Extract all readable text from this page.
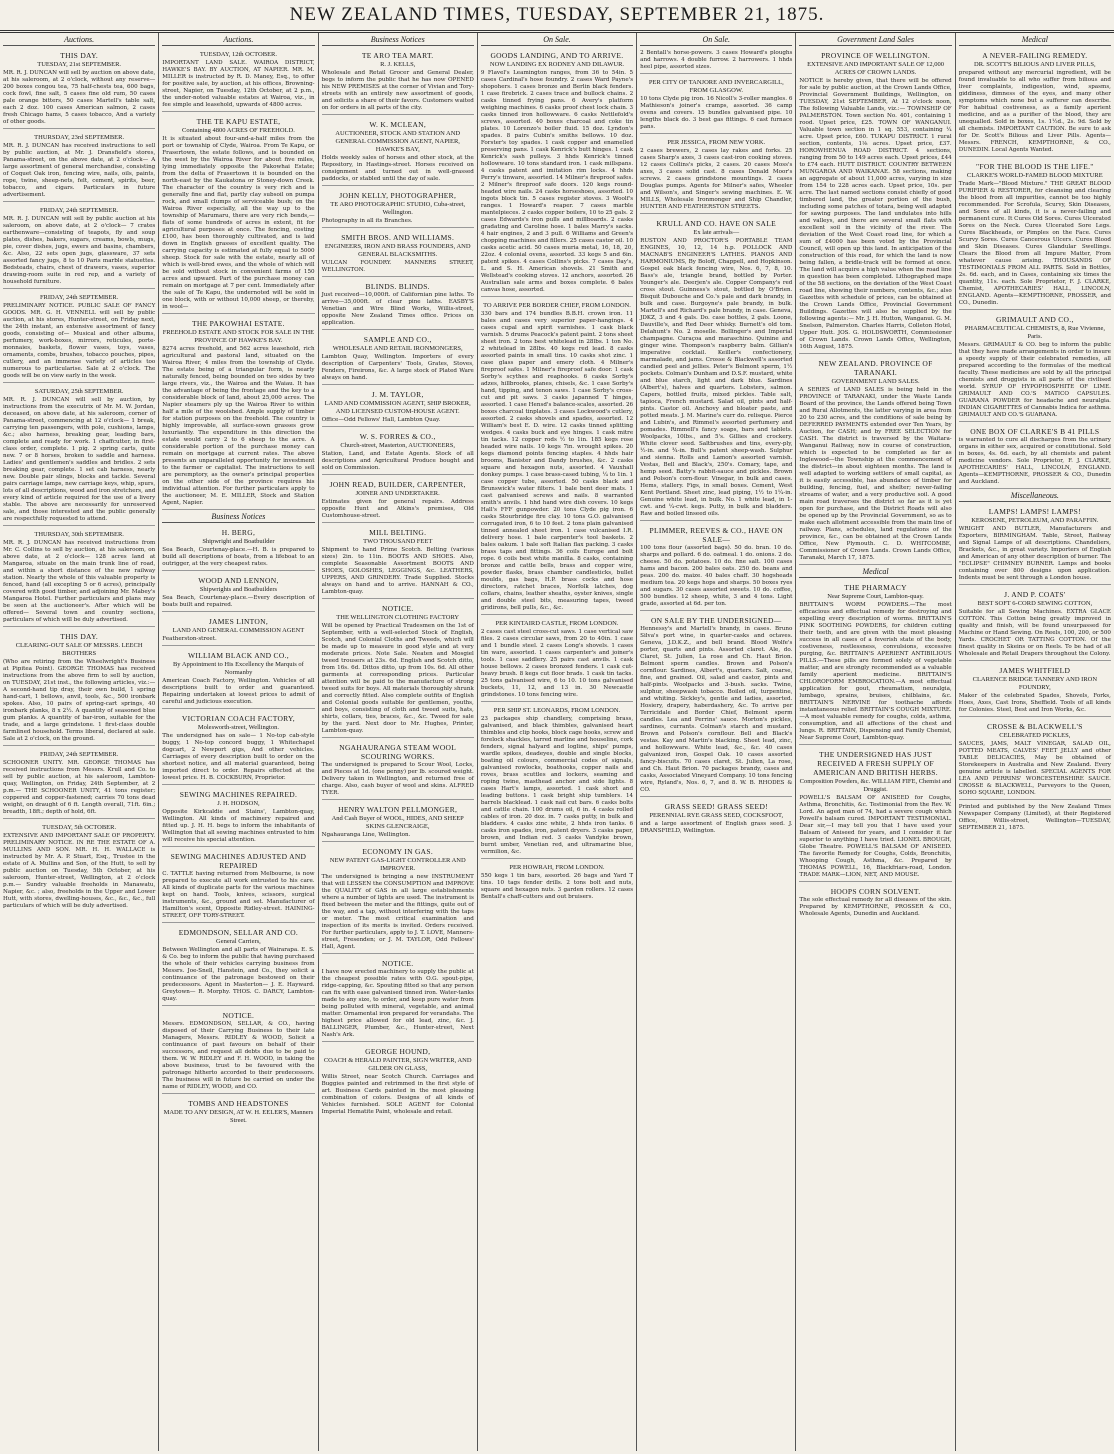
NEW ZEALAND TIMES, TUESDAY, SEPTEMBER 21, 1875.
Auctions.
THIS DAY.
TUESDAY, 21st SEPTEMBER.
MR. R. J. DUNCAN will sell by auction on above date, at his saleroom, at 2 o'clock, without any reserve— 200 boxes congou tea, 75 half-chests tea, 600 bags, cock fowl, fine salt, 5 cases fine old rum, 50 cases pale orange bitters, 50 cases Martell's table salt, each 2 doz. 100 cases American salmon, 2 cases fresh Chicago hams, 5 cases tobacco, And a variety of other goods.
THURSDAY, 23rd SEPTEMBER.
MR. R. J. DUNCAN has received instructions to sell by public auction, at Mr. J. Dransfield's stores, Panama-street, on the above date, at 2 o'clock— A large assortment of general merchandise, consisting of Coquet Oak iron, fencing wire, nails, oils, paints, rope, twine, sheep-nets, felt, cement, spirits, beer, tobacco, and cigars. Particulars in future advertisement.
FRIDAY, 24th SEPTEMBER.
MR. R. J. DUNCAN will sell by public auction at his saleroom, on above date, at 2 o'clock— 7 crates earthenware—consisting of teapots, fly and soup plates, dishes, bakers, sugars, creams, bowls, mugs, pie, cover dishes, jugs, ewers and basins, chambers, &c. Also, 22 sets open jugs, glassware, 37 sets assorted fancy jugs, 8 to 10 Paris marble statuettes. Bedsteads, chairs, chest of drawers, vases, superior drawing-room suite in red rep, and a variety of household furniture.
FRIDAY, 24th SEPTEMBER.
PRELIMINARY NOTICE. PUBLIC SALE OF FANCY GOODS. MR. G. H. VENNELL will sell by public auction, at his stores, Hunter-street, on Friday next, the 24th instant, an extensive assortment of fancy goods, consisting of— Musical and other albums, perfumery, work-boxes, mirrors, reticules, porte-monnaies, baskets, flower vases, toys, vases, ornaments, combs, brushes, tobacco pouches, pipes, cutlery, and an immense variety of articles too numerous to particularise. Sale at 2 o'clock. The goods will be on view early in the week.
SATURDAY, 25th SEPTEMBER.
MR. R. J. DUNCAN will sell by auction, by instructions from the executrix of Mr. M. W. Jordan, deceased, on above date, at his saleroom, corner of Panama-street, commencing at 12 o'clock— 1 break, carrying ten passengers, with pole, cushions, lamps, &c.; also harness, breaking gear, leading bars, complete and ready for work. 1 chaffcutter, in first-class order, complete. 1 pig. 2 spring carts, quite new. 7 or 8 horses, broken to saddle and harness. Ladies' and gentlemen's saddles and bridles. 2 sets breaking gear, complete. 1 set cab harness, nearly new. Double pair slings, blocks and tackle. Several pairs carriage lamps, new carriage keys, whip, spurs, lots of all descriptions, wood and iron stretchers, and every kind of article required for the use of a livery stable. The above are necessarily for unreserved sale, and those interested and the public generally are respectfully requested to attend.
THURSDAY, 30th SEPTEMBER.
MR. R. J. DUNCAN has received instructions from Mr. C. Collins to sell by auction, at his saleroom, on above date, at 2 o'clock— 128 acres land at Mangaroa, situate on the main trunk line of road, and within a short distance of the new railway station. Nearly the whole of this valuable property is fenced, hand (all excepting 5 or 6 acres), principally covered with good timber, and adjoining Mr. Mabey's Mangaroa Hotel. Further particulars and plans may be seen at the auctioneer's. After which will be offered— Several town and country sections, particulars of which will be duly advertised.
THIS DAY.
CLEARING-OUT SALE OF MESSRS. LEECH BROTHERS
(Who are retiring from the Wheelwright's Business at Pipitea Point). GEORGE THOMAS has received instructions from the above firm to sell by auction, on TUESDAY, 21st inst., the following articles, viz.:— A second-hand tip dray, their own build, 1 spring hand-cart, 1 bellows, anvil, tools, &c., 500 ironbark spokes. Also, 10 pairs of spring-cart springs, 40 ironbark planks, 8 x 2½. A quantity of seasoned blue gum planks. A quantity of bar-iron, suitable for the trade, and a large grindstone. 1 first-class double farmlined household. Terms liberal, declared at sale. Sale at 2 o'clock, on the ground.
FRIDAY, 24th SEPTEMBER.
SCHOONER UNITY. MR. GEORGE THOMAS has received instructions from Messrs. Krull and Co. to sell by public auction, at his saleroom, Lambton-quay, Wellington, on Friday, 24th September, at 2 p.m.— THE SCHOONER UNITY, 41 tons register; coppered and copper-fastened; carries 70 tons dead weight, on draught of 6 ft. Length overall, 71ft. 6in.; breadth, 18ft.; depth of hold, 6ft.
TUESDAY, 5th OCTOBER.
EXTENSIVE AND IMPORTANT SALE OF PROPERTY. PRELIMINARY NOTICE. IN RE THE ESTATE OF A. MULLINS AND SON. MR. H. H. WALLACE is instructed by Mr. A. P. Stuart, Esq., Trustee in the estate of A. Mullins and Son, of the Hutt, to sell by public auction on Tuesday, 5th October, at his saleroom, Hunter-street, Wellington, at 2 o'clock p.m.— Sundry valuable freeholds in Manawatu, Napier, &c. ; also, freeholds in the Upper and Lower Hutt, with stores, dwelling-houses, &c., &c., &c., full particulars of which will be duly advertised.
Auctions.
TUESDAY, 12th OCTOBER.
IMPORTANT LAND SALE. WAIROA DISTRICT, HAWKE'S BAY. BY AUCTION, AT NAPIER. MR. M. MILLER is instructed by R. D. Maney, Esq., to offer for positive sale, by auction, at his offices, Browning-street, Napier, on Tuesday, 12th October, at 2 p.m., the under-noted valuable estates at Wairoa, viz., in fee simple and leasehold, upwards of 4800 acres.
THE TE KAPU ESTATE,
Containing 4800 ACRES OF FREEHOLD.
It is situated about four-and-a-half miles from the port or township of Clyde, Wairoa. From Te Kapu, or Frasertown, the estate follows, and is bounded on the west by the Wairoa River for about five miles, lying immediately opposite the Pakowhai Estate; from the delta of Frasertown it is bounded on the north-east by the Kaukatona or Stoney-down Creek. The character of the country is very rich and is generally fine and flat, partly clay subsoil on pumpa rock, and small clumps of serviceable bush; on the Wairoa River especially, all the way up to the township of Marumaru, there are very rich bends,—flats of some hundreds of acres in extent, fit for agricultural purposes at once. The fencing, costing £100, has been thoroughly cultivated, and is laid down in English grasses of excellent quality. The carrying capacity is estimated at fully equal to 5000 sheep. Stock for sale with the estate, nearly all of which is well-bred ewes, and the whole of which will be sold without stock in convenient farms of 150 acres and upward. Part of the purchase money can remain on mortgage at 7 per cent. Immediately after the sale of Te Kapu, the undernoted will be sold in one block, with or without 10,000 sheep, or thereby, in wool—
THE PAKOWHAI ESTATE.
FREEHOLD ESTATE AND STOCK FOR SALE IN THE PROVINCE OF HAWKE'S BAY.
8274 acres freehold, and 562 acres leasehold, rich agricultural and pastoral land, situated on the Wairoa River, 4 miles from the township of Clyde. The estate being of a triangular form, is nearly naturally fenced, being bounded on two sides by two large rivers, viz., the Wairoa and the Waiau. It has the advantage of being the frontage and the key to a considerable block of land, about 25,000 acres. The Napier steamers ply up the Wairoa River to within half a mile of the woolshed. Ample supply of timber for station purposes on the freehold. The country is highly improvable, all surface-sown grasses grow luxuriantly. The expenditure in this direction the estate would carry 2 to 6 sheep to the acre. A considerable portion of the purchase money can remain on mortgage at current rates. The above presents an unparalleled opportunity for investment to the farmer or capitalist. The instructions to sell are peremptory, as the owner's principal properties on the other side of the province requires his individual attention. For further particulars apply to the auctioneer, M. E. MILLER, Stock and Station Agent, Napier.
Business Notices
H. BERG,
Shipwright and Boatbuilder
Sea Beach, Courtenay-place.—H. B. is prepared to build all descriptions of boats, from a lifeboat to an outrigger, at the very cheapest rates.
WOOD AND LENNON,
Shipwrights and Boatbuilders
Sea Beach, Courtenay-place.—Every description of boats built and repaired.
JAMES LINTON,
LAND AND GENERAL COMMISSION AGENT
Featherston-street.
WILLIAM BLACK AND CO.,
By Appointment to His Excellency the Marquis of Normanby
American Coach Factory, Wellington. Vehicles of all descriptions built to order and guaranteed. Repairing undertaken at lowest prices to admit of careful and judicious execution.
VICTORIAN COACH FACTORY,
Molesworth-street, Wellington.
The undersigned has on sale— 1 No-top cab-style buggy, 1 No-top concord buggy, 1 Whitechapel dogcart, 2 Newport gigs, And other vehicles. Carriages of every description built to order on the shortest notice, and all material guaranteed, being imported direct to order. Repairs effected at the lowest price. H. B. COCKBURN, Proprietor.
SEWING MACHINES REPAIRED.
J. H. HODSON,
Opposite Kirkcaldie and Stains', Lambton-quay, Wellington. All kinds of machinery repaired and fitted up. J. H. H. begs to inform the inhabitants of Wellington that all sewing machines entrusted to him will receive his special attention.
SEWING MACHINES ADJUSTED AND REPAIRED
C. TATTLE having returned from Melbourne, is now prepared to execute all work entrusted to his care. All kinds of duplicate parts for the various machines kept on hand. Tools, knives, scissors, surgical instruments, &c., ground and set. Manufacturer of Hamilton's scent, Opposite Ridley-street. HAINING-STREET, OFF TORY-STREET.
EDMONDSON, SELLAR AND CO.
General Carriers,
Between Wellington and all parts of Wairarapa. E. S. & Co. beg to inform the public that having purchased the whole of their vehicles carrying business from Messrs. Joe-Snell, Hanstein, and Co., they solicit a continuance of the patronage bestowed on their predecessors. Agent in Masterton— J. E. Hayward. Greytown— R. Morphy. THOS. C. DARCY, Lambton-quay.
NOTICE.
Messrs. EDMONDSON, SELLAR, & CO., having disposed of their Carrying Business to their late Managers, Messrs. RIDLEY & WOOD, Solicit a continuance of past favours on behalf of their successors, and request all debts due to be paid to them. W. W. RIDLEY and F. H. WOOD, in taking the above business, trust to be favoured with the patronage hitherto accorded to their predecessors. The business will in future be carried on under the name of RIDLEY, WOOD, and CO.
TOMBS AND HEADSTONES
MADE TO ANY DESIGN, AT W. H. EELER'S, Manners Street.
Business Notices
TE ARO TEA MART.
R. J. KELLS,
Wholesale and Retail Grocer and General Dealer, begs to inform the public that he has now OPENED his NEW PREMISES at the corner of Vivian and Tory-streets with an entirely new assortment of goods, and solicits a share of their favors. Customers waited on for orders in all parts of the city.
W. K. MCLEAN,
AUCTIONEER, STOCK AND STATION AND GENERAL COMMISSION AGENT, NAPIER, HAWKE'S BAY,
Holds weekly sales of horses and other stock, at the Repository, in Hastings-street. Horses received on consignment and turned out in well-grassed paddocks, or stabled until the day of sale.
JOHN KELLY, PHOTOGRAPHER,
TE ARO PHOTOGRAPHIC STUDIO, Cuba-street, Wellington.
Photography in all its Branches.
SMITH BROS. AND WILLIAMS.
ENGINEERS, IRON AND BRASS FOUNDERS, AND GENERAL BLACKSMITHS.
VULCAN FOUNDRY. MANNERS STREET, WELLINGTON.
BLINDS. BLINDS.
Just received—10,000ft. of Californian pine laths. To arrive—35,000ft. of clear pine laths. EASBY'S Venetian and Wire Blind Works, Willis-street, opposite New Zealand Times office. Prices on application.
SAMPLE AND CO.,
WHOLESALE AND RETAIL IRONMONGERS,
Lambton Quay, Wellington. Importers of every description of Carpenters' Tools, Grates, Stoves, Fenders, Fireirons, &c. A large stock of Plated Ware always on hand.
J. M. TAYLOR,
LAND AND COMMISSION AGENT, SHIP BROKER, AND LICENSED CUSTOM-HOUSE AGENT.
Office—Odd Fellows' Hall, Lambton Quay.
W. S. FORRES & CO.,
Church-street, Masterton, AUCTIONEERS,
Station, Land, and Estate Agents. Stock of all descriptions and Agricultural Produce bought and sold on Commission.
JOHN READ, BUILDER, CARPENTER,
JOINER AND UNDERTAKER.
Estimates given for general repairs. Address opposite Hunt and Atkins's premises, Old Customhouse-street.
MILL BELTING.
TWO THOUSAND FEET
Shipment to hand Prime Scotch. Belting (various sizes) 2in. to 11in. BOOTS AND SHOES. Also, complete Seasonable Assortment BOOTS AND SHOES, GOLOSHES, LEGGINGS, &c. LEATHERS, UPPERS, AND GRINDERY. Trade Supplied. Stocks always on hand and to arrive. HANNAH & CO., Lambton-quay.
NOTICE.
THE WELLINGTON CLOTHING FACTORY
Will be opened by Practical Tradesmen on the 1st of September, with a well-selected Stock of English, Scotch, and Colonial Cloths and Tweeds, which will be made up to measure in good style and at very moderate prices. Note Sale. Neaten and Mosgiel tweed trousers at 23s. 6d. English and Scotch ditto, from 16s. 6d. Dittos ditto, up from 10s. 6d. All other garments at corresponding prices. Particular attention will be paid to the manufacture of strong tweed suits for boys. All materials thoroughly shrunk and correctly fitted. Also complete outfits of English and Colonial goods suitable for gentlemen, youths, and boys, consisting of cloth and tweed suits, hats, shirts, collars, ties, braces, &c., &c. Tweed for sale by the yard. Next door to Mr. Hughes, Printer, Lambton-quay.
NGAHAURANGA STEAM WOOL SCOURING WORKS.
The undersigned is prepared to Scour Wool, Locks, and Pieces at 1d. (one penny) per lb. scoured weight. Delivery taken in Wellington, and returned free of charge. Also, cash buyer of wool and skins. ALFRED TYER.
HENRY WALTON PELLMONGER,
And Cash Buyer of WOOL, HIDES, AND SHEEP SKINS GLENCRAIGE,
Ngahauranga Line, Wellington.
ECONOMY IN GAS.
NEW PATENT GAS-LIGHT CONTROLLER AND IMPROVER.
The undersigned is bringing a new INSTRUMENT that will LESSEN the CONSUMPTION and IMPROVE the QUALITY of GAS in all large establishments where a number of lights are used. The instrument is fixed between the meter and the fittings, quite out of the way, and a tap, without interfering with the taps or meter. The most critical examination and inspection of its merits is invited. Orders received. For further particulars, apply to J. T. LOVE, Manners-street, Fresenden; or J. M. TAYLOR, Odd Fellows' Hall, Agent.
NOTICE.
I have now erected machinery to supply the public at the cheapest possible rates with O.G. spout-pipe, ridge-capping, &c. Spouting fitted so that any person can fix with ease galvanised tinned iron. Water-tanks made to any size, to order, and keep pure water from being polluted with mineral, vegetable, and animal matter. Ornamental iron prepared for verandahs. The highest price allowed for old lead, zinc, &c. J. BALLINGER, Plumber, &c., Hunter-street, Next Nash's Ark.
GEORGE HOUND,
COACH & HERALD PAINTER, SIGN WRITER, AND GILDER ON GLASS,
Willis Street, near Scotch Church. Carriages and Buggies painted and retrimmed in the first style of art. Business Cards painted in the most pleasing combination of colors. Designs of all kinds of Vehicles furnished. SOLE AGENT for Colonial Imperial Hematite Paint, wholesale and retail.
On Sale.
GOODS LANDING, AND TO ARRIVE.
NOW LANDING EX RODNEY AND DILAWUR.
9 Flavel's Leamington ranges, from 36 to 54in. 5 cases Cardinal's hose foundry. 2 cases Ward Payne's shopohers. 1 cases bronze and Berlin black fenders. 1 case firebrick. 2 cases trace and bullock chains. 2 casks tinned frying pans. 6 Avery's platform weighing machines. 6 casks proof chest lock chain. 3 casks tinned iron hollowware. 6 casks Nettlefold's screws, assorted. 40 boxes charcoal and coke tin plates. 10 Lorenzo's boiler fluid. 15 doz. Lyndon's spades. 8 pairs Cubin's smiths bellows. 10 doz. Forster's toy spades. 1 cask copper and enamelled preserving pans. 1 cask Kenrick's butt hinges. 1 cask Kenrick's sash pulleys. 3 hhds Kenrick's tinned hollowware. 10 tons standard iron. 1 cask millspans. 4 casks patent and imitation rim locks. 4 hhds Perry's tinware, assorted. 14 Milner's fireproof safes. 2 Milner's fireproof safe doors. 120 kegs round-headed wire nails. 24 casks horseshoes, assorted. 10 ingots block tin. 5 cases register stoves. 3 Woolf's ranges. 1 Howard's reaper. 7 cases marble mantelpieces. 2 casks copper boilers, 10 to 25 gals. 2 cases Edwards's iron pulls and millboards. 2 casks gradating and Caroline hose. 1 bales Marry's sacks. 4 hair engines, 2 and 3 pull. 6 Williams and Green's chopping machines and fillers. 25 cases castor oil. 10 casks acetic acid. 50 cases muria metal, 16, 18, 20, 22oz. 4 colonial ovens, assorted. 33 kegs 5 and 6in. patent spikes. 4 cases Collins's picks. 7 cases Day's, L. and S. H. American shovels. 21 Smith and Wellstead's cooking stoves. 12 anchors, assorted. 26 Australian sale arms and boxes complete. 6 bales canvas hose, assorted.
TO ARRIVE PER BORDER CHIEF, FROM LONDON.
330 bars and 174 bundles B.B.H. crown iron. 11 bales and cases very superior paper-hangings. 4 cases cupal and spirit varnishes. 1 cask black varnish. 5 drums Peacock's patent paint. 2 tons sheet sheet iron. 2 tons best whitelead in 28lbs. 1 ton No. 2 whitelead in 28lbs. 40 kegs red lead. 8 casks assorted paints in small tins. 10 casks shot zinc. 1 case glass paper and emery cloth. 4 Milner's fireproof safes. 1 Milner's fireproof safe door. 1 cask Sorby's scythes and reaphooks. 6 casks Sorby's adzes, hillbrooks, planes, chisels, &c. 1 case Sorby's hand, tipping, and tenon saws. 1 case Sorby's cross-cut and pit saws. 3 casks japanned T hinges, assorted. 1 case Hensd's balance-scales, assorted. 26 boxes charcoal tinplates. 3 cases Lockwood's cutlery, assorted. 2 casks shovels and spades, assorted. 12 William's best E. D. wire. 12 casks tinned splitting wedges. 4 casks buck and eye hinges. 1 cask mitre tin tacks. 12 copper rods ½ to 1in. 185 kegs rose headed wire nails. 10 kegs 7in. wrought spikes. 20 kegs diamond points fencing staples. 4 hhds hair brooms, Banister and Dandy brushes, &c. 2 casks square and hexagon nuts, assorted. 4 Vauxhall donkey pumps. 1 case brass-cased tubing, ¼ to 1in. 1 case copper tube, assorted. 50 casks black and Brunswick's water filters. 1 bale bent deer mats. 1 cast galvanised screws and nails. 8 warranted smith's anvils. 1 hhd hand wire dish covers. 10 kegs Hall's FFF gunpowder. 20 tons Clyde pig iron. 6 casks Stourbridge fire clay. 10 tons G.O. galvanised corrugated iron, 6 to 10 feet. 2 tons plain galvanised tinned annealed sheet iron. 1 case vulcanised I.R. delivery hose. 1 bale carpenter's tool baskets. 2 bales oakum. 1 bale soft Italian flax packing. 3 casks brass taps and fittings. 36 coils Europe and bolt rope. 6 coils best white manilla. 8 casks, containing bronze and cattle bells, brass and copper wire, powder flasks, brass chamber candlesticks, bullet moulds, gas bags, H.P. brass cocks and hose directors, ratchet braces, Norfolk latches, dog collars, chains, leather sheaths, oyster knives, single and double steel bits, measuring tapes, tweed gridirons, bell pulls, &c., &c.
PER KINTAIRD CASTLE, FROM LONDON.
2 cases cast steel cross-cut saws. 1 case vertical saw files. 2 cases circular saws, from 20 to 40in. 1 case and 1 bundle steel. 2 cases Long's shovels. 1 cases tin ware, assorted. 1 cases carpenter's and joiner's tools. 1 case saddlery. 25 pairs cast anvils. 1 cask house bellows. 2 cases bronzed fenders. 1 cask cut-heavy brush. 8 kegs cut floor brads. 1 cask tin tacks. 25 tons galvanised wire, 6 to 10. 10 tons galvanised buckets, 11, 12, and 13 in. 30 Newcastle grindstones. 10 tons fencing wire.
PER SHIP ST. LEONARDS, FROM LONDON.
23 packages ship chandlery, comprising brass, galvanised, and black thimbles, galvanised heart thimbles and clip hooks, block cage hooks, screw and forelock shackles, tarred marline and houseline, cork fenders, signal halyard and logline, ships' pumps, wardle spikes, deadeyes, double and single blocks, boating oil colours, commercial codes of signals, galvanised rowlocks, boathooks, copper nails and roves, brass scuttles and lockers, seaming and roping twine, masthead anchor and side lights. 8 cases Hart's lamps, assorted. 1 cask short and leading buttons. 1 cask bright ship tumblers. 14 barrels blacklead. 1 cask nail cut bars. 6 casks bolts and cattle chain. 100 drums oil, 6 in. 4 casks rolled cables of iron. 20 doz. in. 7 casks putty, in bulk and bladders. 4 casks zinc white, 2 hhds iron tanks. 6 casks iron spades, iron, patent dryers. 3 casks paper, brown, and Indian red. 3 casks Vandyke brown, burnt umber, Venetian red, and ultramarine blue, vermilion, &c.
PER HOWRAH, FROM LONDON.
550 kegs 1 tin bars, assorted. 26 bags and Yard T tins. 10 tags fender drills. 2 tons bolt and nuts, square and hexagon nuts. 3 garden rollers. 12 cases Bentall's chaff-cutters and out bruisers.
On Sale.
2 Bentall's horse-powers. 3 cases Howard's ploughs and harrows. 4 double furrow. 2 harrowers. 1 hhds heel pipe, assorted sizes.
PER CITY OF TANJORE AND INVERCARGILL, FROM GLASGOW.
10 tons Clyde pig iron. 16 Nicoll's 3-roller mangles. 6 Mathieson's joiner's cramps, assorted. 36 camp ovens and covers. 15 bundles galvanised pipe. 10 lengths black do. 3 best gas fittings. 6 cast furnace pans.
PER JESSICA, FROM NEW YORK.
2 cases brewers, 2 cases lay rakes and forks. 25 cases Sharp's axes, 3 cases cast-iron cooking stoves. 12 cases Collins's picks, 2 cases. 20 cases Moss's axes, 3 cases solid cast. 8 cases Donald Moor's screws. 2 cases grindstone mountings. 2 cases Douglas pumps. Agents for Milner's safes, Wheeler and Wilson's, and Singer's sewing machines. E. W. MILLS, Wholesale Ironmonger and Ship Chandler, HUNTER AND FEATHERSTON STREETS.
KRULL AND CO. HAVE ON SALE
Ex late arrivals—
RUSTON AND PROCTOR'S PORTABLE TEAM ENGINES, 10, 12, 14 h.p. POLLOCK AND MACNAB'S ENGINEER'S LATHES. PIANOS AND HARMONIUMS, By Boloff, Chappell, and Hopkinson. Gospel oak black fencing wire, Nos. 6, 7, 8, 10. Bass's ale, triangle brand, bottled by Porter. Younger's ale. Deerjen's ale. Copper Company's red cross stout. Guinness's stout, bottled by O'Brien. Bisquit Dubouche and Co.'s pale and dark brandy, in bulk and case. Burgoyne's pale brandy, in bulk. Martell's and Richard's pale brandy, in case. Geneva, JDKZ, 3 and 4 gals. Do. case bottles, 2 gals. Loone, Dauville's, and Red Deer whisky. Burnett's old tom. Delahunt's No. 2 moselle. Bollinger's and Imperial champagne. Curaçoa and maraschino. Quinine and ginger wine. Thompson's raspberry balm. Gillian's imperative cocktail. Keiller's confectionery, marmalade, and jams. Crosse & Blackwell's assorted candied peel and jellies. Peter's Belmont sperm, 1½ pockets. Colman's Dunham and D.S.F. mustard, white and blue starch, light and dark blue. Sardines (Albert's), halves and quarters. Lobsters, salmon. Capers, bottled fruits, mixed pickles. Table salt, tapioca, French mustard. Salad oil, pints and half-pints. Castor oil. Anchovy and bloater paste, and potted meats. J. M. Marine's curr do. relisque. Pierce and Lubin's, and Rimmel's assorted perfumery and pomades. Rimmell's fancy soaps, bars and tablets. Woolpacks, 10lbs., and 5's. Gillies and crockery. White clover seed. Saltbrushes and tins, every-ply, ½-in. and ¾-in. Bull's patent sheep-wash. Sulphur and sienna. Rolls and Lamon's assorted varnish. Vestas, Bell and Black's, 250's. Comary, tape, and hemp seed. Batty's rabbit-sauce and pickles. Brown and Polson's corn-flour. Vinegar, in bulk and cases. Hems, stallery. Figs, in small boxes. Cement, West Kent Portland. Sheet zinc, lead piping, 1½ to 1¼-in. Genuine white lead, in bulk. No. 1 white lead, in 1-cwt. and ¼-cwt. kegs. Putty, in bulk and bladders. Raw and boiled linseed oils.
PLIMMER, REEVES & CO., HAVE ON SALE—
100 tons flour (assorted bags). 50 do. bran. 10 do. sharps and pollard. 6 do. oatmeal. 1 do. onions. 2 do. cheese. 50 do. potatoes. 10 do. fine salt. 100 cases hams and bacon. 200 bales oats. 250 do. beans and peas. 200 do. maize. 40 bales chaff. 30 hogsheads medium tea. 20 kegs hops and sharps. 50 boxes ryes and sugars. 30 cases assorted sweets. 10 do. coffee, 500 bundles. 12 sheep, white, 3 and 4 tons. Light grade, assorted at 6d. per ton.
ON SALE BY THE UNDERSIGNED—
Hennessy's and Martell's brandy, in cases. Bruno Silva's port wine, in quarter-casks and octaves. Geneva, J.D.K.Z., and bell brand. Blood Wolfe's porter, quarts and pints. Assorted claret. Ale, do. Claret, St. Julien, La rose and Ch. Haut Brion. Belmont sperm candles. Brown and Polson's cornflour. Sardines, Albert's, quarters. Salt, coarse, fine, and grained. Oil, salad and castor, pints and half-pints. Woolpacks and 3-bush. sacks. Twine, sulphur, sheepwash tobacco. Boiled oil, turpentine, and whiting. Sickley's, gentle and ladies, assorted. Hosiery, drapery, haberdashery, &c. To arrive per Terricidale and Border Chief, Belmont sperm candles. Lea and Perrins' sauce. Morton's pickles, sardines, currants. Colman's starch and mustard. Brown and Polson's cornflour. Bell and Black's vestas. Kay and Martin's blacking. Sheet lead, zinc, and hollowware. White lead, &c., &c. 40 cases galvanized iron, Gospel Oak. 10 cases assorted fancy-biscuits. 70 cases claret, St. Julien, La rose, and Ch. Haut Brion. 70 packages brandy, cases and casks, Associated Vineyard Company. 10 tons fencing wire, Ryland's, Nos. 6, 7, and 8. W. B. RHODES & CO.
GRASS SEED! GRASS SEED!
PERENNIAL RYE GRASS SEED, COCKSFOOT,
and a large assortment of English grass seed. J. DRANSFIELD, Wellington.
Government Land Sales
PROVINCE OF WELLINGTON.
EXTENSIVE AND IMPORTANT SALE OF 12,000 ACRES OF CROWN LANDS.
NOTICE is hereby given, that there will be offered for sale by public auction, at the Crown Lands Office, Provincial Government Buildings, Wellington, on TUESDAY, 21st SEPTEMBER, At 12 o'clock noon, The following Valuable Lands, viz.:— TOWNSHIP OF PALMERSTON. Town section No. 401, containing 1 rood. Upset price, £25. TOWN OF WANGANUI. Valuable town section in 1 sq. 553, containing ¼ acre. Upset price, £60. TUKAPU DISTRICT. 1 rural section, contents, 1⅛ acres. Upset price, £37. HOROWHENUA ROAD DISTRICT. 4 sections, ranging from 50 to 149 acres each. Upset prices, £44 to £74 each. HUTT DISTRICT. COUNTRY BETWEEN MUNGAROA AND WAIKANAE. 58 sections, making an aggregate of about 11,000 acres, varying in size from 154 to 228 acres each. Upset price, 10s. per acre. The last named sections consist chiefly of good timbered land, the greater portion of the bush, including some patches of totara, being well adapted for sawing purposes. The land undulates into hills and valleys, and there are several small flats with excellent soil in the vicinity of the river. The deviation of the West Coast road line, for which a sum of £4000 has been voted by the Provincial Council, will open up this land. In anticipation of the construction of this road, for which the land is now being fallen, a bridle-track will be formed at once. The land will acquire a high value when the road line in question has been completed. Lithographed maps of the 58 sections, on the deviation of the West Coast road line, showing their numbers, contents, &c.; also Gazettes with schedule of prices, can be obtained at the Crown Lands Office, Provincial Government Buildings. Gazettes will also be supplied by the following agents:— Mr. J. H. Hutton, Wanganui. G. M. Snelson, Palmerston. Charles Harris, Colleton Hotel, Upper Hutt. JOS. G. HOLDSWORTH, Commissioner of Crown Lands. Crown Lands Office, Wellington, 16th August, 1875.
NEW ZEALAND. PROVINCE OF TARANAKI.
GOVERNMENT LAND SALES.
A SERIES of LAND SALES is being held in the PROVINCE of TARANAKI, under the Waste Lands Board of the province, the Lands offered being Town and Rural Allotments, the latter varying in area from 20 to 230 acres, and the conditions of sale being by DEFERRED PAYMENTS extended over Ten Years, by Auction, for CASH; and by FREE SELECTION for CASH. The district is traversed by the Waitara-Wanganui Railway, now in course of construction, which is expected to be completed as far as Inglewood—the Township at the commencement of the district—in about eighteen months. The land is well adapted to working settlers of small capital, as it is easily accessible, has abundance of timber for building, fencing, fuel, and shelter; never-failing streams of water, and a very productive soil. A good main road traverses the district so far as it is yet open for purchase, and the District Roads will also be opened up by the Provincial Government, so as to make each allotment accessible from the main line of railway. Plans, schedules, land regulations of the province, &c., can be obtained at the Crown Lands Office, New Plymouth. C. D. WHITCOMBE, Commissioner of Crown Lands. Crown Lands Office, Taranaki, March 17, 1875.
Medical
THE PHARMACY
Near Supreme Court, Lambton-quay.
BRITTAIN'S WORM POWDERS.—The most efficacious and effectual remedy for destroying and expelling every description of worms. BRITTAIN'S PINK SOOTHING POWDERS, for children cutting their teeth, and are given with the most pleasing success in all cases of a feverish state of the body, costiveness, restlessness, convulsions, excessive purging, &c. BRITTAIN'S APERIENT ANTIBILIOUS PILLS.—These pills are formed solely of vegetable matter, and are strongly recommended as a valuable family aperient medicine. BRITTAIN'S CHLOROFORM EMBROCATION.—A most effectual application for gout, rheumatism, neuralgia, lumbago, sprains, bruises, chilblains, &c. BRITTAIN'S NERVINE for toothache affords instantaneous relief. BRITTAIN'S COUGH MIXTURE.—A most valuable remedy for coughs, colds, asthma, consumption, and all affections of the chest and lungs. R. BRITTAIN, Dispensing and Family Chemist, Near Supreme Court, Lambton-quay.
THE UNDERSIGNED HAS JUST RECEIVED A FRESH SUPPLY OF AMERICAN AND BRITISH HERBS.
Composition Powders, &c. WILLIAM FIFE, Chemist and Druggist.
POWELL'S BALSAM OF ANISEED for Coughs, Asthma, Bronchitis, &c. Testimonial from the Rev. W. Lord. An aged man of 74, had a severe cough which Powell's balsam cured. IMPORTANT TESTIMONIAL. Dear sir,—I may tell you that I have used your Balsam of Aniseed for years, and I consider it far superior to anything I have tried. LIONEL BROUGH, Globe Theatre. POWELL'S BALSAM OF ANISEED. The favorite Remedy for Coughs, Colds, Bronchitis, Whooping Cough, Asthma, &c. Prepared by THOMAS POWELL, 16, Blackfriars-road, London. TRADE MARK—LION, NET, AND MOUSE.
HOOPS CORN SOLVENT.
The sole effectual remedy for all diseases of the skin. Prepared by KEMPTHORNE, PROSSER & CO., Wholesale Agents, Dunedin and Auckland.
Medical
A NEVER-FAILING REMEDY.
DR. SCOTT'S BILIOUS AND LIVER PILLS,
prepared without any mercurial ingredient, will be found invaluable to all who suffer from bilious and liver complaints, indigestion, wind, spasms, giddiness, dimness of the eyes, and many other symptoms which none but a sufferer can describe. For habitual costiveness, as a family aperient medicine, and as a purifier of the blood, they are unequalled. Sold in boxes, 1s. 1½d., 2s. 9d. Sold by all chemists. IMPORTANT CAUTION. Be sure to ask for Dr. Scott's Bilious and Liver Pills. Agents—Messrs. FRENCH, KEMPTHORNE, & CO., DUNEDIN. Local Agents Wanted.
"FOR THE BLOOD IS THE LIFE."
CLARKE'S WORLD-FAMED BLOOD MIXTURE
Trade Mark—"Blood Mixture." THE GREAT BLOOD PURIFIER & RESTORER, for cleansing and clearing the blood from all impurities, cannot be too highly recommended. For Scrofula, Scurvy, Skin Diseases, and Sores of all kinds, it is a never-failing and permanent cure. It Cures Old Sores. Cures Ulcerated Sores on the Neck. Cures Ulcerated Sore Legs. Cures Blackheads, or Pimples on the Face. Cures Scurvy Sores. Cures Cancerous Ulcers. Cures Blood and Skin Diseases. Cures Glandular Swellings. Clears the Blood from all Impure Matter, From whatever cause arising. THOUSANDS OF TESTIMONIALS FROM ALL PARTS. Sold in Bottles, 2s. 6d. each, and in Cases, containing six times the quantity, 11s. each. Sole Proprietor, F. J. CLARKE, Chemist, APOTHECARIES' HALL, LINCOLN, ENGLAND. Agents—KEMPTHORNE, PROSSER, and CO., Dunedin.
GRIMAULT AND CO.,
PHARMACEUTICAL CHEMISTS, 8, Rue Vivienne, Paris.
Messrs. GRIMAULT & CO. beg to inform the public that they have made arrangements in order to insure a speedy supply of their celebrated remedies, all prepared according to the formulas of the medical faculty. These medicines are sold by all the principal chemists and druggists in all parts of the civilised world. SYRUP OF HYPOPHOSPHITE OF LIME. GRIMAULT AND CO.'S MATICO CAPSULES. GUARANA POWDER for headache and neuralgia. INDIAN CIGARETTES of Cannabis Indica for asthma. GRIMAULT AND CO.'S GUARANA.
ONE BOX OF CLARKE'S B 41 PILLS
is warranted to cure all discharges from the urinary organs in either sex, acquired or constitutional. Sold in boxes, 4s. 6d. each, by all chemists and patent medicine vendors. Sole Proprietor, F. J. CLARKE, APOTHECARIES' HALL, LINCOLN, ENGLAND. Agents—KEMPTHORNE, PROSSER & CO., Dunedin and Auckland.
Miscellaneous.
LAMPS! LAMPS! LAMPS!
KEROSENE, PETROLEUM, AND PARAFFIN.
WRIGHT AND BUTLER, Manufacturers and Exporters, BIRMINGHAM. Table, Street, Railway and Signal Lamps of all descriptions. Chandeliers, Brackets, &c., in great variety. Importers of English and American of any other description of burner. The "ECLIPSE" CHIMNEY BURNER. Lamps and books containing over 800 designs upon application. Indents must be sent through a London house.
J. AND P. COATS'
BEST SOFT 6-CORD SEWING COTTON,
Suitable for all Sewing Machines. EXTRA GLACE COTTON. This Cotton being greatly improved in quality and finish, will be found unsurpassed for Machine or Hand Sewing. On Reels, 100, 200, or 500 Yards. CROCHET OR TATTING COTTON. Of the finest quality in Skeins or on Reels. To be had of all Wholesale and Retail Drapers throughout the Colony.
JAMES WHITFIELD
CLARENCE BRIDGE TANNERY AND IRON FOUNDRY,
Maker of the celebrated Spades, Shovels, Forks, Hoes, Axes, Cast Irons, Sheffield. Tools of all kinds for Colonies. Steel, Best and Iron Works, &c.
CROSSE & BLACKWELL'S
CELEBRATED PICKLES,
SAUCES, JAMS, MALT VINEGAR, SALAD OIL, POTTED MEATS, CALVES' FEET JELLY and other TABLE DELICACIES, May be obtained of Storekeepers in Australia and New Zealand. Every genuine article is labelled. SPECIAL AGENTS FOR LEA AND PERRINS' WORCESTERSHIRE SAUCE. CROSSE & BLACKWELL, Purveyors to the Queen, SOHO SQUARE, LONDON.
Printed and published by the New Zealand Times Newspaper Company (Limited), at their Registered Office, Willis-street, Wellington—TUESDAY, SEPTEMBER 21, 1875.
